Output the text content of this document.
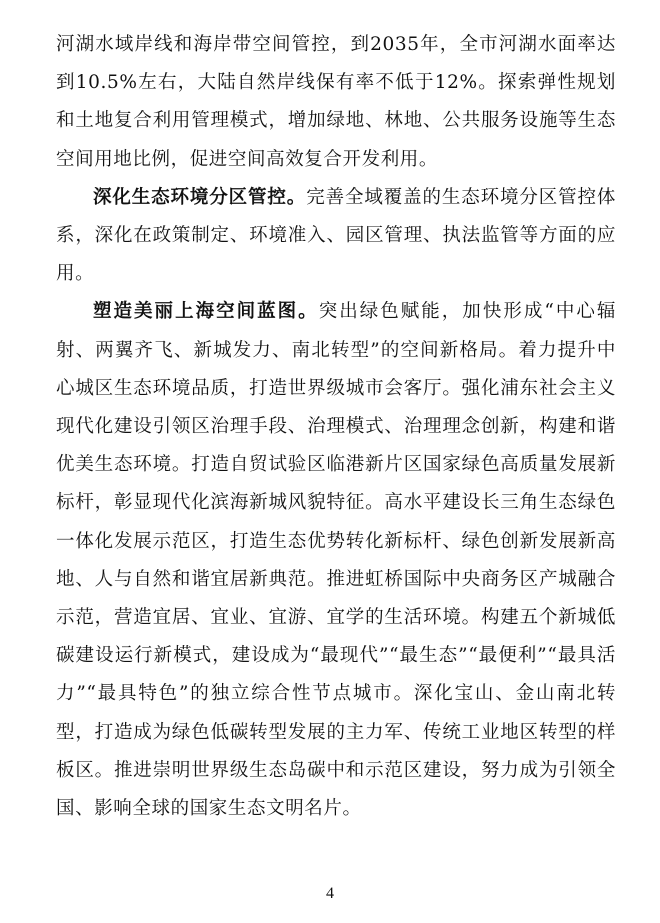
河湖水域岸线和海岸带空间管控，到2035年，全市河湖水面率达到10.5%左右，大陆自然岸线保有率不低于12%。探索弹性规划和土地复合利用管理模式，增加绿地、林地、公共服务设施等生态空间用地比例，促进空间高效复合开发利用。

深化生态环境分区管控。完善全域覆盖的生态环境分区管控体系，深化在政策制定、环境准入、园区管理、执法监管等方面的应用。

塑造美丽上海空间蓝图。突出绿色赋能，加快形成“中心辐射、两翼齐飞、新城发力、南北转型”的空间新格局。着力提升中心城区生态环境品质，打造世界级城市会客厅。强化浦东社会主义现代化建设引领区治理手段、治理模式、治理理念创新，构建和谐优美生态环境。打造自贸试验区临港新片区国家绿色高质量发展新标杆，彰显现代化滨海新城风貌特征。高水平建设长三角生态绿色一体化发展示范区，打造生态优势转化新标杆、绿色创新发展新高地、人与自然和谐宜居新典范。推进虹桥国际中央商务区产城融合示范，营造宜居、宜业、宜游、宜学的生活环境。构建五个新城低碳建设运行新模式，建设成为“最现代”“最生态”“最便利”“最具活力”“最具特色”的独立综合性节点城市。深化宝山、金山南北转型，打造成为绿色低碳转型发展的主力军、传统工业地区转型的样板区。推进崇明世界级生态岛碳中和示范区建设，努力成为引领全国、影响全球的国家生态文明名片。

4
